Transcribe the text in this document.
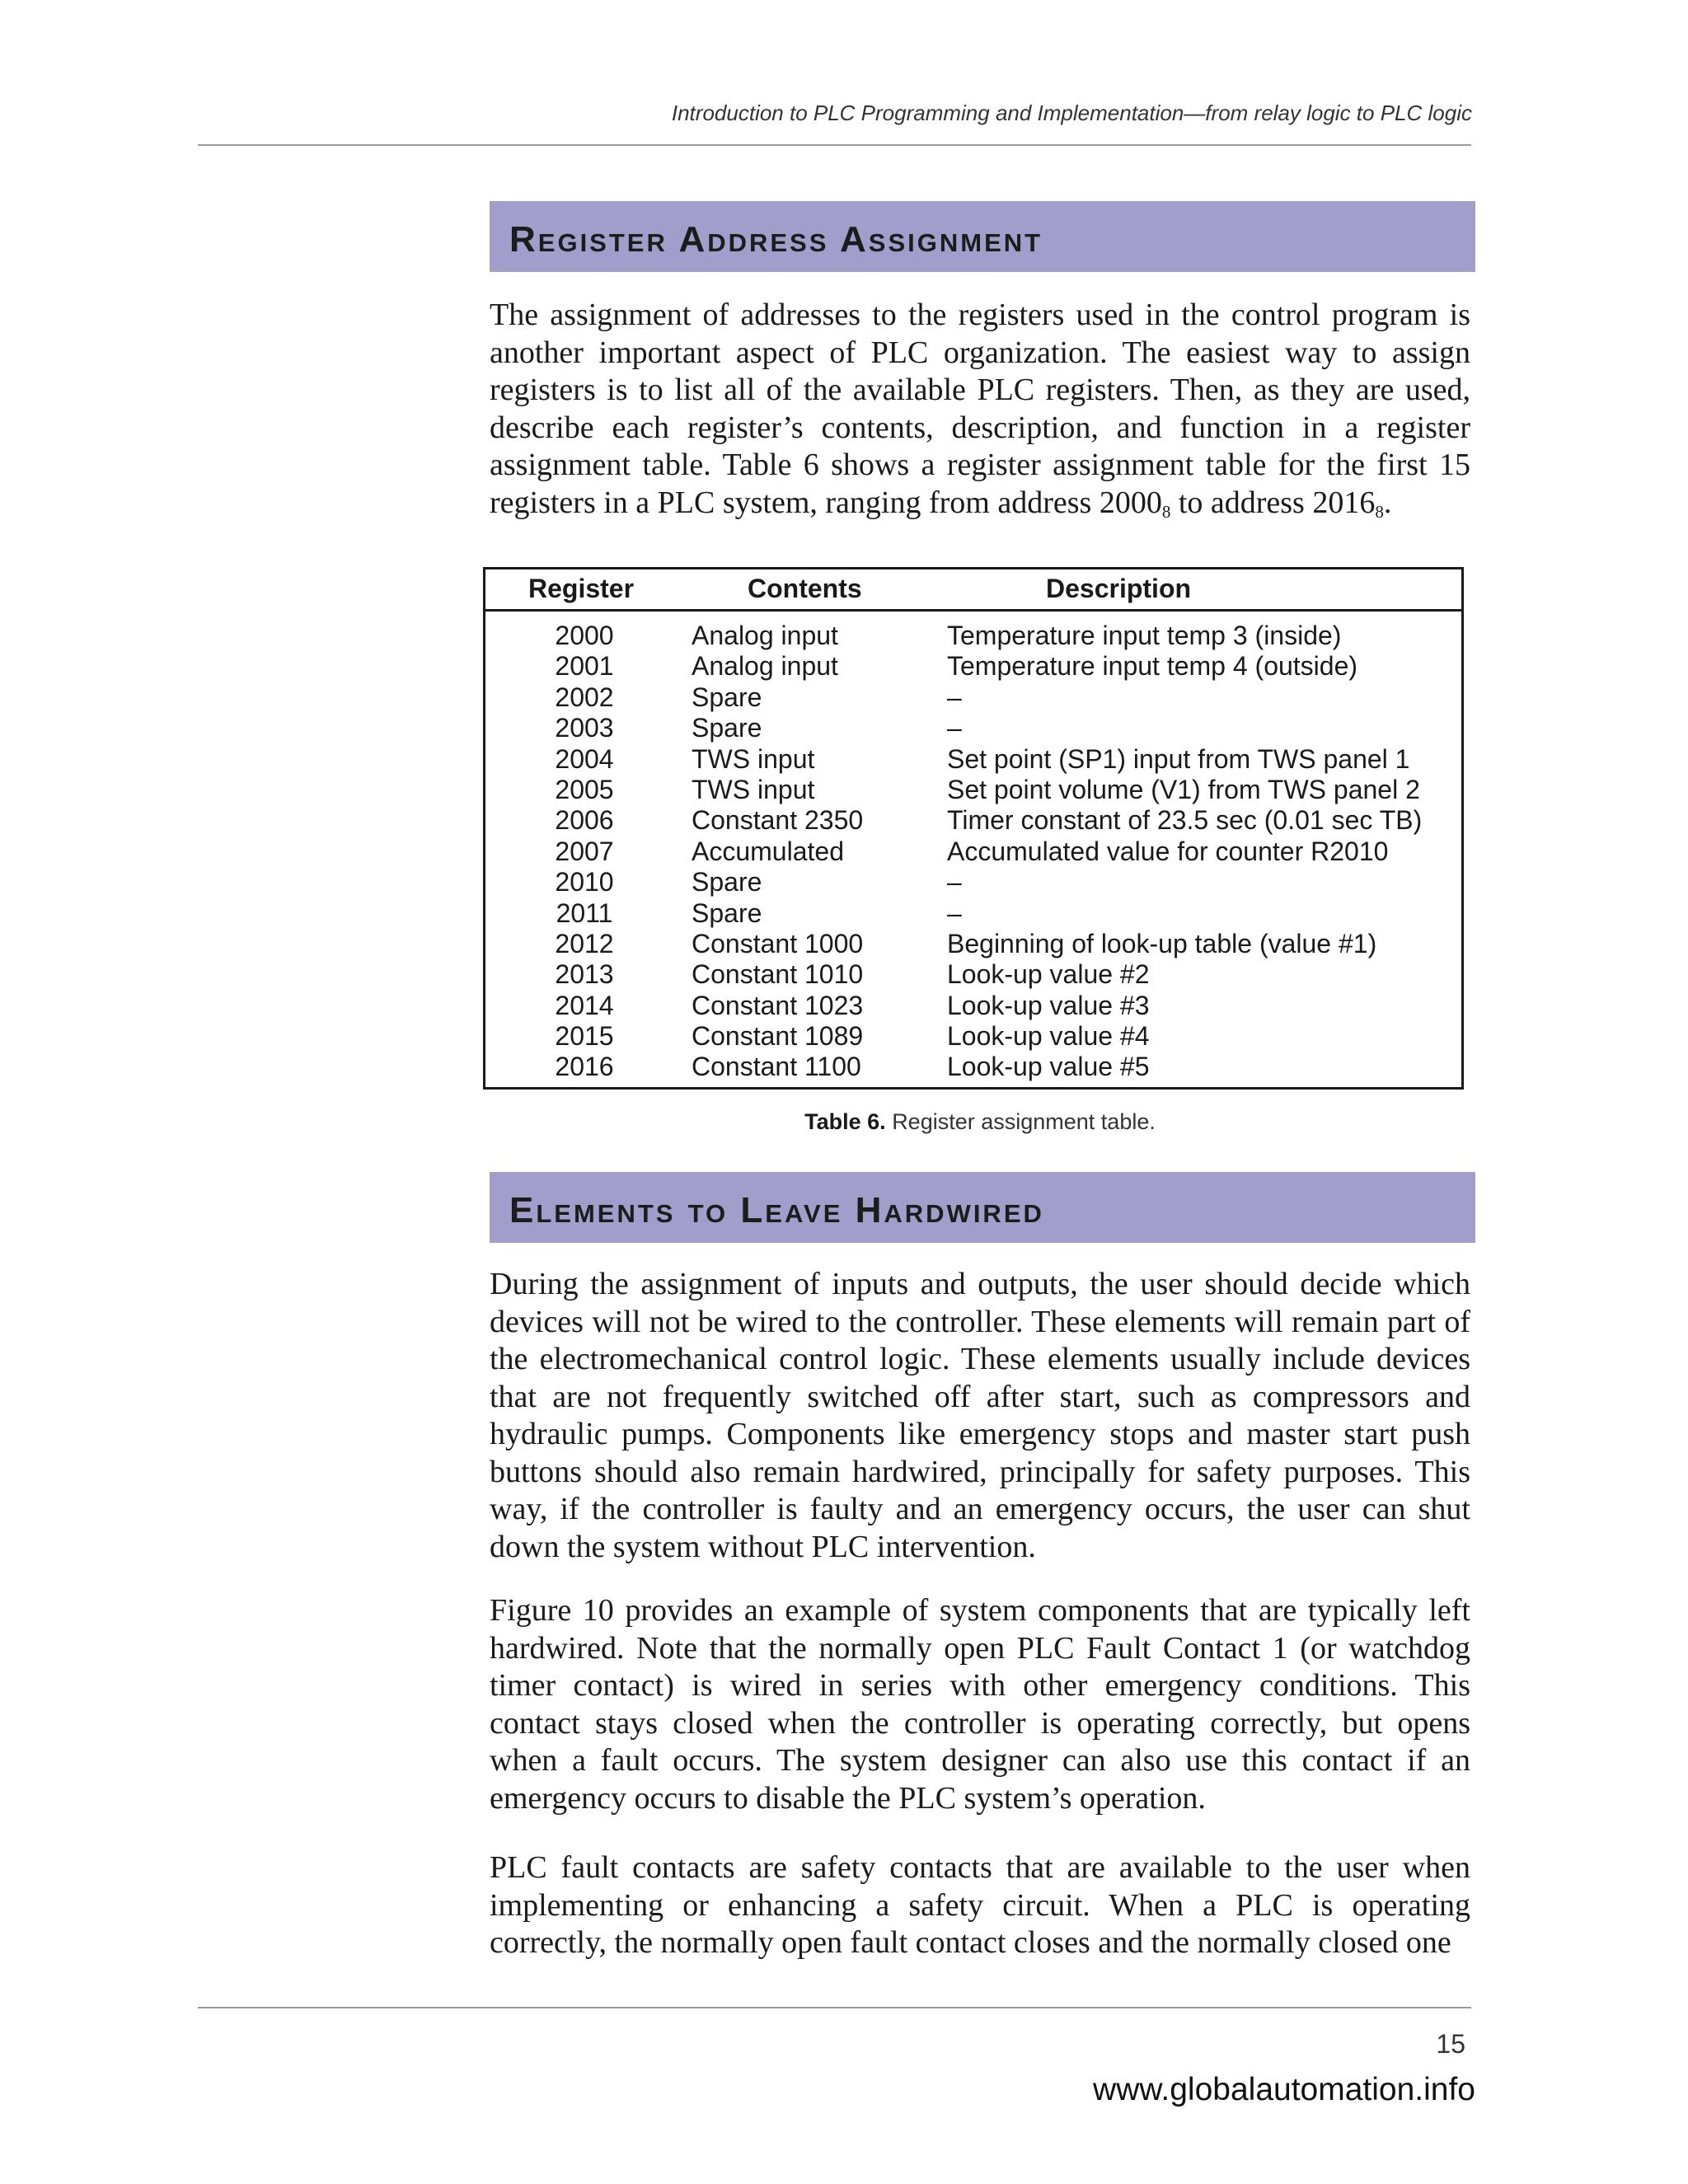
Introduction to PLC Programming and Implementation—from relay logic to PLC logic
Register Address Assignment

The assignment of addresses to the registers used in the control program is another important aspect of PLC organization. The easiest way to assign registers is to list all of the available PLC registers. Then, as they are used, describe each register’s contents, description, and function in a register assignment table. Table 6 shows a register assignment table for the first 15 registers in a PLC system, ranging from address $2000_8$ to address $2016_8$.

Register	Contents	Description
2000	Analog input	Temperature input temp 3 (inside)
2001	Analog input	Temperature input temp 4 (outside)
2002	Spare	–
2003	Spare	–
2004	TWS input	Set point (SP1) input from TWS panel 1
2005	TWS input	Set point volume (V1) from TWS panel 2
2006	Constant 2350	Timer constant of 23.5 sec (0.01 sec TB)
2007	Accumulated	Accumulated value for counter R2010
2010	Spare	–
2011	Spare	–
2012	Constant 1000	Beginning of look-up table (value #1)
2013	Constant 1010	Look-up value #2
2014	Constant 1023	Look-up value #3
2015	Constant 1089	Look-up value #4
2016	Constant 1100	Look-up value #5
Table 6. Register assignment table.
Elements to Leave Hardwired

During the assignment of inputs and outputs, the user should decide which devices will not be wired to the controller. These elements will remain part of the electromechanical control logic. These elements usually include devices that are not frequently switched off after start, such as compressors and hydraulic pumps. Components like emergency stops and master start push buttons should also remain hardwired, principally for safety purposes. This way, if the controller is faulty and an emergency occurs, the user can shut down the system without PLC intervention.

Figure 10 provides an example of system components that are typically left hardwired. Note that the normally open PLC Fault Contact 1 (or watchdog timer contact) is wired in series with other emergency conditions. This contact stays closed when the controller is operating correctly, but opens when a fault occurs. The system designer can also use this contact if an emergency occurs to disable the PLC system’s operation.

PLC fault contacts are safety contacts that are available to the user when implementing or enhancing a safety circuit. When a PLC is operating correctly, the normally open fault contact closes and the normally closed one

15
www.globalautomation.info
